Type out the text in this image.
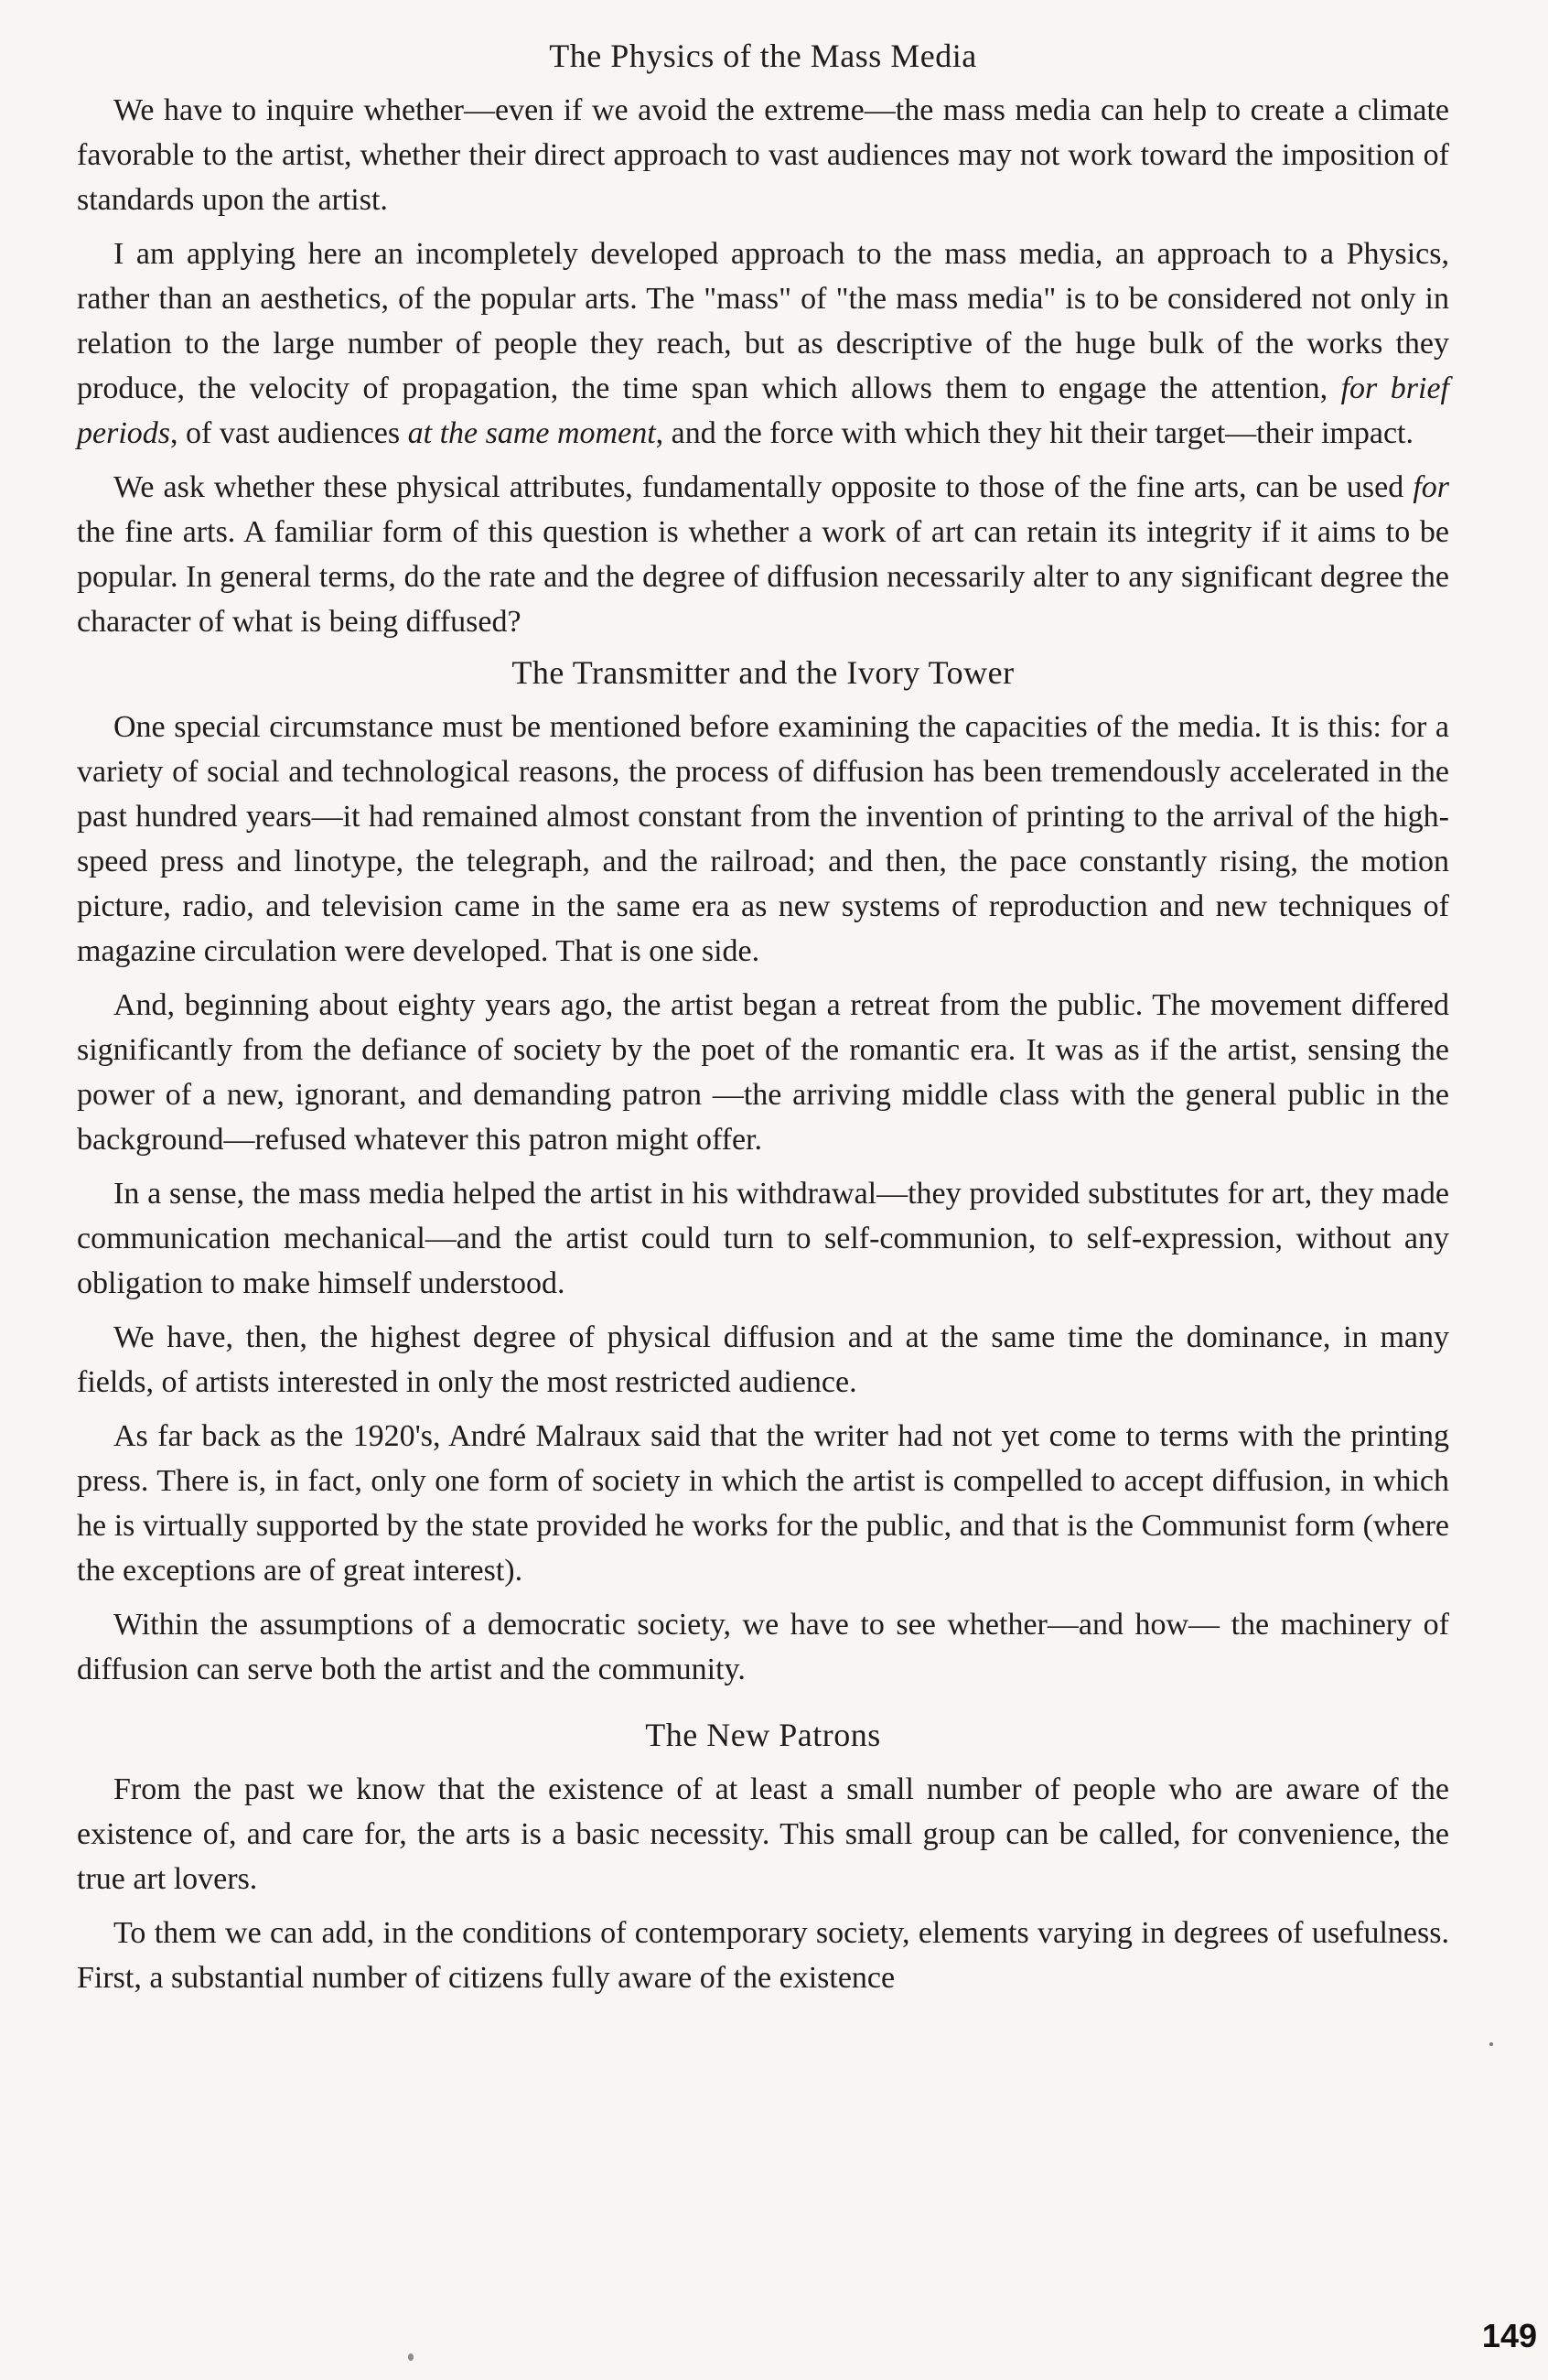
The Physics of the Mass Media

We have to inquire whether—even if we avoid the extreme—the mass media can help to create a climate favorable to the artist, whether their direct approach to vast audiences may not work toward the imposition of standards upon the artist.

I am applying here an incompletely developed approach to the mass media, an approach to a Physics, rather than an aesthetics, of the popular arts. The "mass" of "the mass media" is to be considered not only in relation to the large number of people they reach, but as descriptive of the huge bulk of the works they produce, the velocity of propagation, the time span which allows them to engage the attention, for brief periods, of vast audiences at the same moment, and the force with which they hit their target—their impact.

We ask whether these physical attributes, fundamentally opposite to those of the fine arts, can be used for the fine arts. A familiar form of this question is whether a work of art can retain its integrity if it aims to be popular. In general terms, do the rate and the degree of diffusion necessarily alter to any significant degree the character of what is being diffused?

The Transmitter and the Ivory Tower

One special circumstance must be mentioned before examining the capacities of the media. It is this: for a variety of social and technological reasons, the process of diffusion has been tremendously accelerated in the past hundred years—it had remained almost constant from the invention of printing to the arrival of the high-speed press and linotype, the telegraph, and the railroad; and then, the pace constantly rising, the motion picture, radio, and television came in the same era as new systems of reproduction and new techniques of magazine circulation were developed. That is one side.

And, beginning about eighty years ago, the artist began a retreat from the public. The movement differed significantly from the defiance of society by the poet of the romantic era. It was as if the artist, sensing the power of a new, ignorant, and demanding patron —the arriving middle class with the general public in the background—refused whatever this patron might offer.

In a sense, the mass media helped the artist in his withdrawal—they provided substitutes for art, they made communication mechanical—and the artist could turn to self-communion, to self-expression, without any obligation to make himself understood.

We have, then, the highest degree of physical diffusion and at the same time the dominance, in many fields, of artists interested in only the most restricted audience.

As far back as the 1920's, André Malraux said that the writer had not yet come to terms with the printing press. There is, in fact, only one form of society in which the artist is compelled to accept diffusion, in which he is virtually supported by the state provided he works for the public, and that is the Communist form (where the exceptions are of great interest).

Within the assumptions of a democratic society, we have to see whether—and how— the machinery of diffusion can serve both the artist and the community.

The New Patrons

From the past we know that the existence of at least a small number of people who are aware of the existence of, and care for, the arts is a basic necessity. This small group can be called, for convenience, the true art lovers.

To them we can add, in the conditions of contemporary society, elements varying in degrees of usefulness. First, a substantial number of citizens fully aware of the existence

149
